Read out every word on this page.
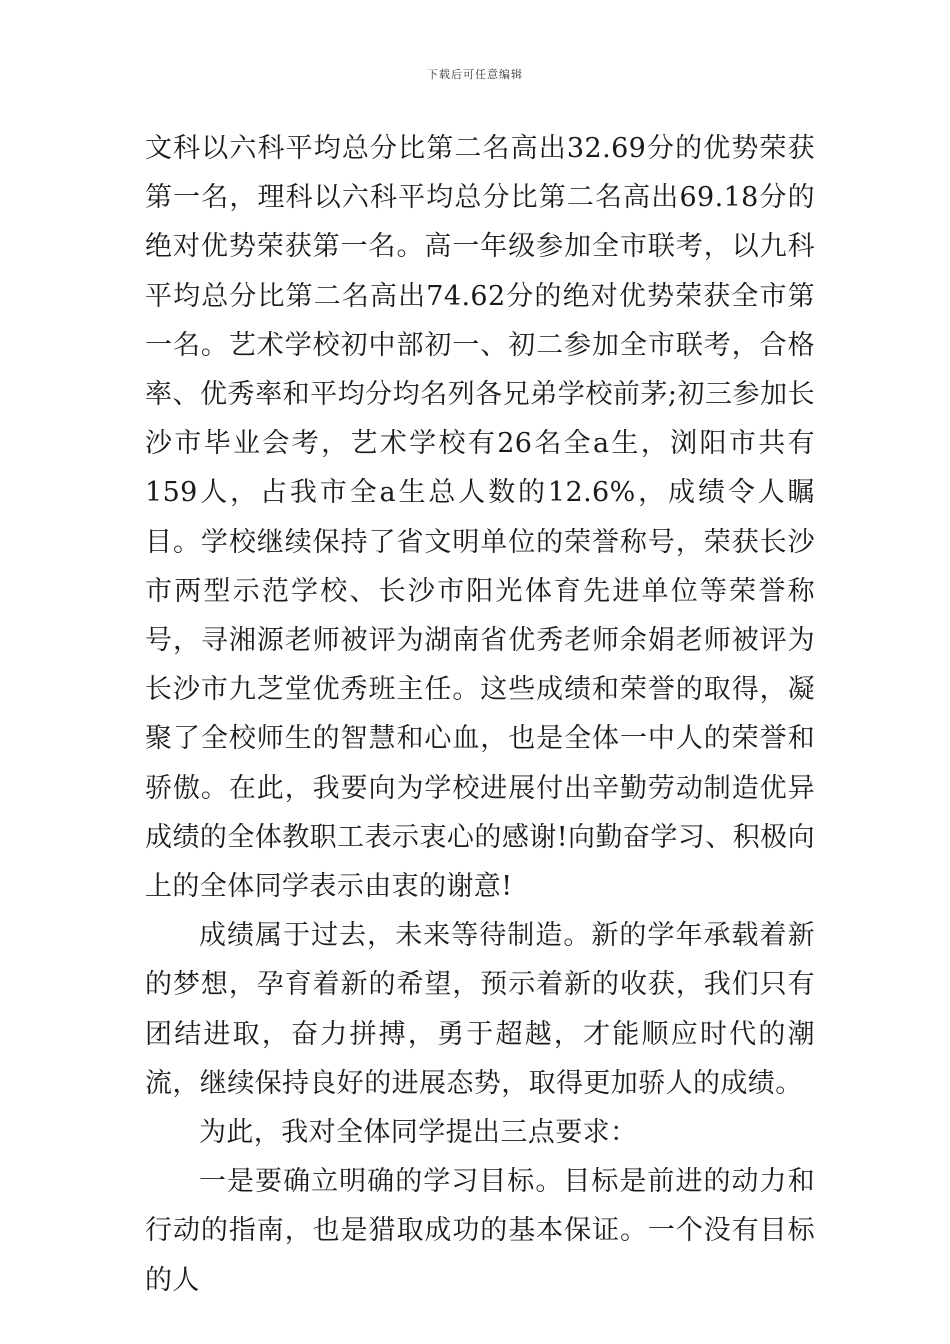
下载后可任意编辑

文科以六科平均总分比第二名高出32.69分的优势荣获第一名，理科以六科平均总分比第二名高出69.18分的绝对优势荣获第一名。高一年级参加全市联考，以九科平均总分比第二名高出74.62分的绝对优势荣获全市第一名。艺术学校初中部初一、初二参加全市联考，合格率、优秀率和平均分均名列各兄弟学校前茅;初三参加长沙市毕业会考，艺术学校有26名全a生，浏阳市共有159人，占我市全a生总人数的12.6%，成绩令人瞩目。学校继续保持了省文明单位的荣誉称号，荣获长沙市两型示范学校、长沙市阳光体育先进单位等荣誉称号，寻湘源老师被评为湖南省优秀老师余娟老师被评为长沙市九芝堂优秀班主任。这些成绩和荣誉的取得，凝聚了全校师生的智慧和心血，也是全体一中人的荣誉和骄傲。在此，我要向为学校进展付出辛勤劳动制造优异成绩的全体教职工表示衷心的感谢!向勤奋学习、积极向上的全体同学表示由衷的谢意!

成绩属于过去，未来等待制造。新的学年承载着新的梦想，孕育着新的希望，预示着新的收获，我们只有团结进取，奋力拼搏，勇于超越，才能顺应时代的潮流，继续保持良好的进展态势，取得更加骄人的成绩。

为此，我对全体同学提出三点要求：

一是要确立明确的学习目标。目标是前进的动力和行动的指南，也是猎取成功的基本保证。一个没有目标的人
